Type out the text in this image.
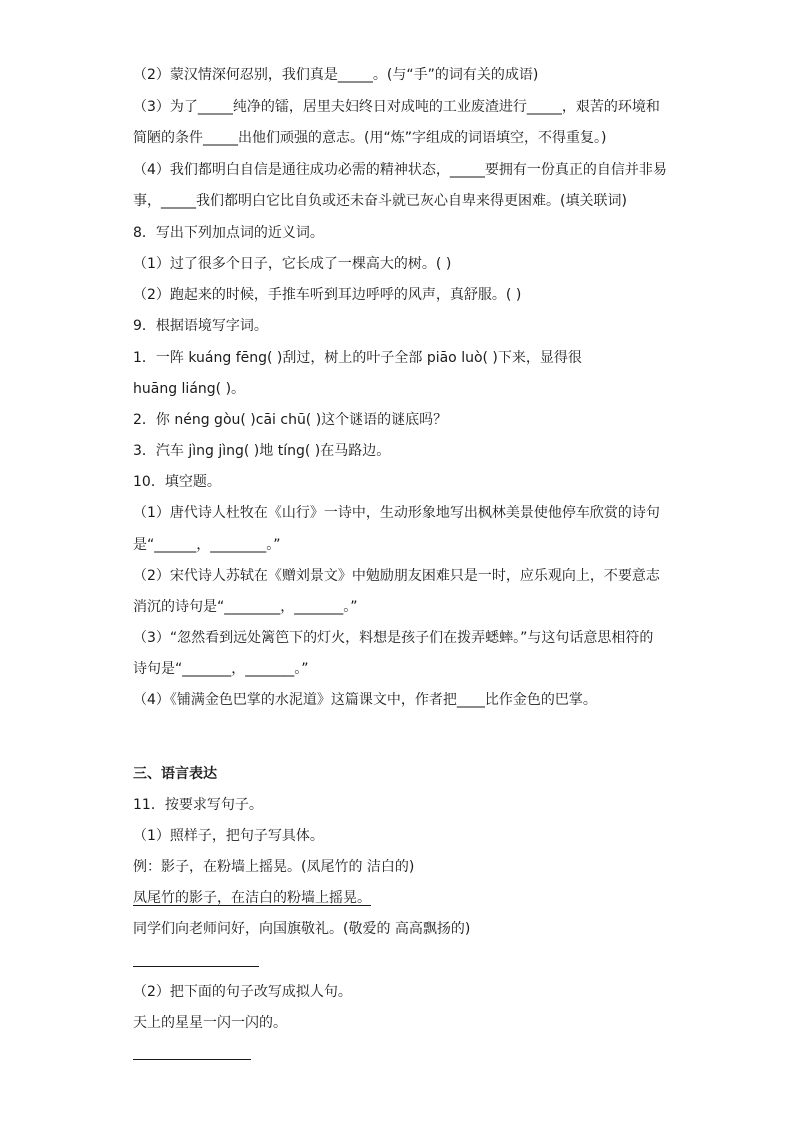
（2）蒙汉情深何忍别，我们真是_____。(与“手”的词有关的成语)
（3）为了_____纯净的镭，居里夫妇终日对成吨的工业废渣进行_____，艰苦的环境和
简陋的条件_____出他们顽强的意志。(用“炼”字组成的词语填空，不得重复。)
（4）我们都明白自信是通往成功必需的精神状态，_____要拥有一份真正的自信并非易
事，_____我们都明白它比自负或还未奋斗就已灰心自卑来得更困难。(填关联词)
8．写出下列加点词的近义词。
（1）过了很多个日子，它长成了一棵高大的树。( )
（2）跑起来的时候，手推车听到耳边呼呼的风声，真舒服。( )
9．根据语境写字词。
1．一阵 kuáng fēng( )刮过，树上的叶子全部 piāo luò( )下来，显得很
huāng liáng( )。
2．你 néng gòu( )cāi chū( )这个谜语的谜底吗？
3．汽车 jìng jìng( )地 tíng( )在马路边。
10．填空题。
（1）唐代诗人杜牧在《山行》一诗中，生动形象地写出枫林美景使他停车欣赏的诗句
是“______，________。”
（2）宋代诗人苏轼在《赠刘景文》中勉励朋友困难只是一时，应乐观向上，不要意志
消沉的诗句是“________，_______。”
（3）“忽然看到远处篱笆下的灯火，料想是孩子们在拨弄蟋蟀。”与这句话意思相符的
诗句是“_______，_______。”
（4）《铺满金色巴掌的水泥道》这篇课文中，作者把____比作金色的巴掌。
三、语言表达
11．按要求写句子。
（1）照样子，把句子写具体。
例：影子，在粉墙上摇晃。(凤尾竹的 洁白的)
凤尾竹的影子，在洁白的粉墙上摇晃。
同学们向老师问好，向国旗敬礼。(敬爱的 高高飘扬的)
（2）把下面的句子改写成拟人句。
天上的星星一闪一闪的。
